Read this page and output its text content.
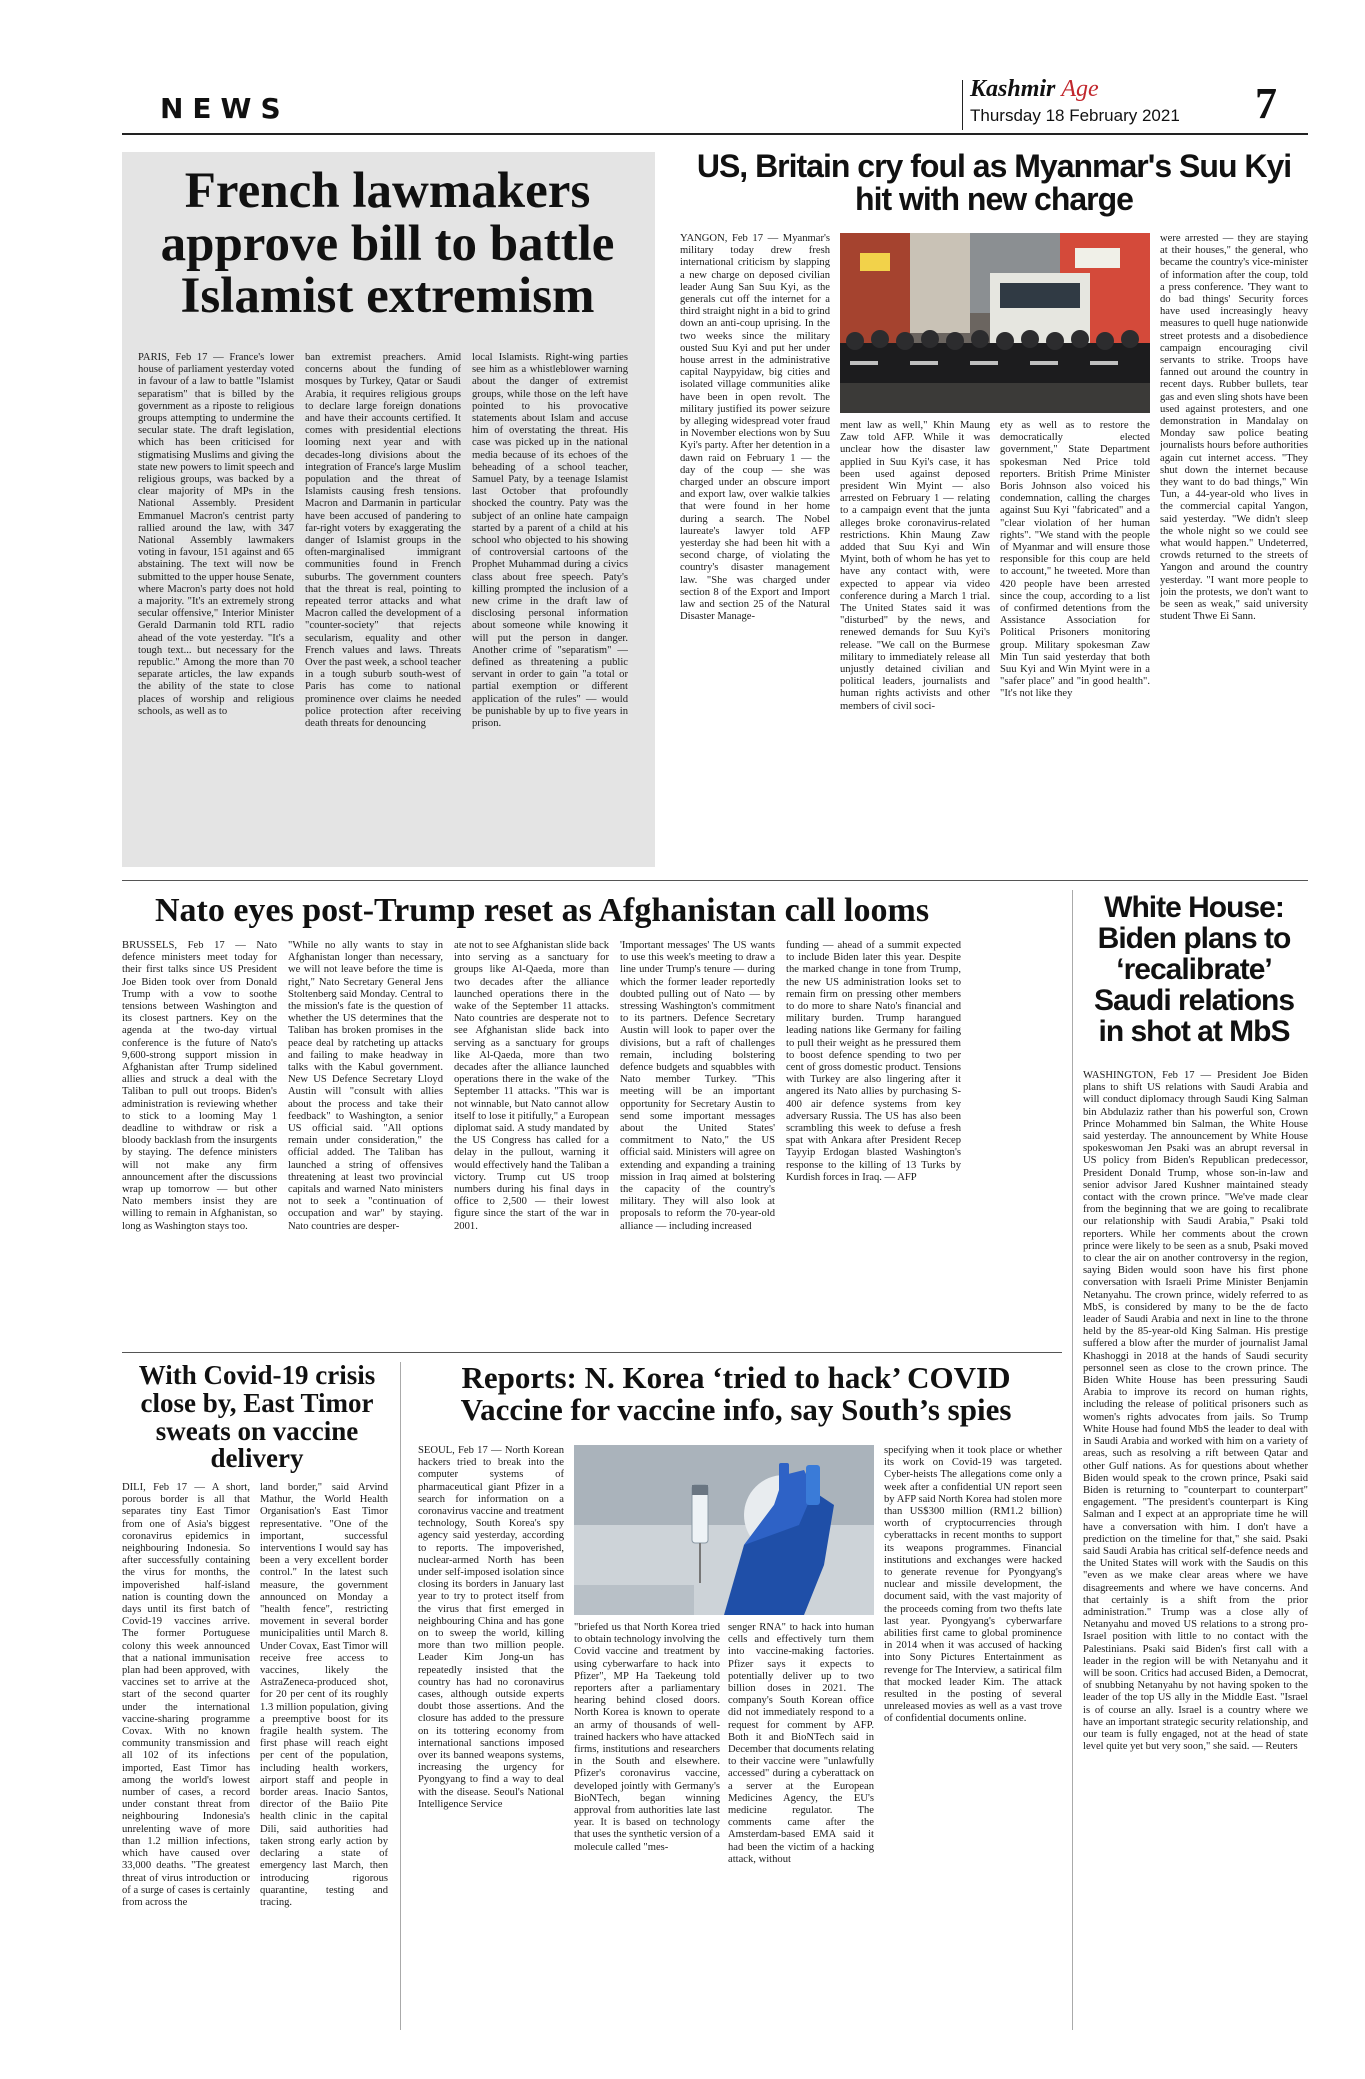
NEWS
Kashmir Age
Thursday 18 February 2021 7
French lawmakers approve bill to battle Islamist extremism
PARIS, Feb 17 — France's lower house of parliament yesterday voted in favour of a law to battle "Islamist separatism" that is billed by the government as a riposte to religious groups attempting to undermine the secular state. The draft legislation, which has been criticised for stigmatising Muslims and giving the state new powers to limit speech and religious groups, was backed by a clear majority of MPs in the National Assembly. President Emmanuel Macron's centrist party rallied around the law, with 347 National Assembly lawmakers voting in favour, 151 against and 65 abstaining. The text will now be submitted to the upper house Senate, where Macron's party does not hold a majority. "It's an extremely strong secular offensive," Interior Minister Gerald Darmanin told RTL radio ahead of the vote yesterday. "It's a tough text... but necessary for the republic." Among the more than 70 separate articles, the law expands the ability of the state to close places of worship and religious schools, as well as to
ban extremist preachers. Amid concerns about the funding of mosques by Turkey, Qatar or Saudi Arabia, it requires religious groups to declare large foreign donations and have their accounts certified. It comes with presidential elections looming next year and with decades-long divisions about the integration of France's large Muslim population and the threat of Islamists causing fresh tensions. Macron and Darmanin in particular have been accused of pandering to far-right voters by exaggerating the danger of Islamist groups in the often-marginalised immigrant communities found in French suburbs. The government counters that the threat is real, pointing to repeated terror attacks and what Macron called the development of a "counter-society" that rejects secularism, equality and other French values and laws. Threats Over the past week, a school teacher in a tough suburb south-west of Paris has come to national prominence over claims he needed police protection after receiving death threats for denouncing
local Islamists. Right-wing parties see him as a whistleblower warning about the danger of extremist groups, while those on the left have pointed to his provocative statements about Islam and accuse him of overstating the threat. His case was picked up in the national media because of its echoes of the beheading of a school teacher, Samuel Paty, by a teenage Islamist last October that profoundly shocked the country. Paty was the subject of an online hate campaign started by a parent of a child at his school who objected to his showing of controversial cartoons of the Prophet Muhammad during a civics class about free speech. Paty's killing prompted the inclusion of a new crime in the draft law of disclosing personal information about someone while knowing it will put the person in danger. Another crime of "separatism" — defined as threatening a public servant in order to gain "a total or partial exemption or different application of the rules" — would be punishable by up to five years in prison.
US, Britain cry foul as Myanmar's Suu Kyi hit with new charge
YANGON, Feb 17 — Myanmar's military today drew fresh international criticism by slapping a new charge on deposed civilian leader Aung San Suu Kyi, as the generals cut off the internet for a third straight night in a bid to grind down an anti-coup uprising. In the two weeks since the military ousted Suu Kyi and put her under house arrest in the administrative capital Naypyidaw, big cities and isolated village communities alike have been in open revolt. The military justified its power seizure by alleging widespread voter fraud in November elections won by Suu Kyi's party. After her detention in a dawn raid on February 1 — the day of the coup — she was charged under an obscure import and export law, over walkie talkies that were found in her home during a search. The Nobel laureate's lawyer told AFP yesterday she had been hit with a second charge, of violating the country's disaster management law. "She was charged under section 8 of the Export and Import law and section 25 of the Natural Disaster Manage-
ment law as well," Khin Maung Zaw told AFP. While it was unclear how the disaster law applied in Suu Kyi's case, it has been used against deposed president Win Myint — also arrested on February 1 — relating to a campaign event that the junta alleges broke coronavirus-related restrictions. Khin Maung Zaw added that Suu Kyi and Win Myint, both of whom he has yet to have any contact with, were expected to appear via video conference during a March 1 trial. The United States said it was "disturbed" by the news, and renewed demands for Suu Kyi's release. "We call on the Burmese military to immediately release all unjustly detained civilian and political leaders, journalists and human rights activists and other members of civil soci-
ety as well as to restore the democratically elected government," State Department spokesman Ned Price told reporters. British Prime Minister Boris Johnson also voiced his condemnation, calling the charges against Suu Kyi "fabricated" and a "clear violation of her human rights". "We stand with the people of Myanmar and will ensure those responsible for this coup are held to account," he tweeted. More than 420 people have been arrested since the coup, according to a list of confirmed detentions from the Assistance Association for Political Prisoners monitoring group. Military spokesman Zaw Min Tun said yesterday that both Suu Kyi and Win Myint were in a "safer place" and "in good health". "It's not like they
were arrested — they are staying at their houses," the general, who became the country's vice-minister of information after the coup, told a press conference. 'They want to do bad things' Security forces have used increasingly heavy measures to quell huge nationwide street protests and a disobedience campaign encouraging civil servants to strike. Troops have fanned out around the country in recent days. Rubber bullets, tear gas and even sling shots have been used against protesters, and one demonstration in Mandalay on Monday saw police beating journalists hours before authorities again cut internet access. "They shut down the internet because they want to do bad things," Win Tun, a 44-year-old who lives in the commercial capital Yangon, said yesterday. "We didn't sleep the whole night so we could see what would happen." Undeterred, crowds returned to the streets of Yangon and around the country yesterday. "I want more people to join the protests, we don't want to be seen as weak," said university student Thwe Ei Sann.
Nato eyes post-Trump reset as Afghanistan call looms
BRUSSELS, Feb 17 — Nato defence ministers meet today for their first talks since US President Joe Biden took over from Donald Trump with a vow to soothe tensions between Washington and its closest partners. Key on the agenda at the two-day virtual conference is the future of Nato's 9,600-strong support mission in Afghanistan after Trump sidelined allies and struck a deal with the Taliban to pull out troops. Biden's administration is reviewing whether to stick to a looming May 1 deadline to withdraw or risk a bloody backlash from the insurgents by staying. The defence ministers will not make any firm announcement after the discussions wrap up tomorrow — but other Nato members insist they are willing to remain in Afghanistan, so long as Washington stays too.
"While no ally wants to stay in Afghanistan longer than necessary, we will not leave before the time is right," Nato Secretary General Jens Stoltenberg said Monday. Central to the mission's fate is the question of whether the US determines that the Taliban has broken promises in the peace deal by ratcheting up attacks and failing to make headway in talks with the Kabul government. New US Defence Secretary Lloyd Austin will "consult with allies about the process and take their feedback" to Washington, a senior US official said. "All options remain under consideration," the official added. The Taliban has launched a string of offensives threatening at least two provincial capitals and warned Nato ministers not to seek a "continuation of occupation and war" by staying. Nato countries are desper-
ate not to see Afghanistan slide back into serving as a sanctuary for groups like Al-Qaeda, more than two decades after the alliance launched operations there in the wake of the September 11 attacks. Nato countries are desperate not to see Afghanistan slide back into serving as a sanctuary for groups like Al-Qaeda, more than two decades after the alliance launched operations there in the wake of the September 11 attacks. "This war is not winnable, but Nato cannot allow itself to lose it pitifully," a European diplomat said. A study mandated by the US Congress has called for a delay in the pullout, warning it would effectively hand the Taliban a victory. Trump cut US troop numbers during his final days in office to 2,500 — their lowest figure since the start of the war in 2001.
'Important messages' The US wants to use this week's meeting to draw a line under Trump's tenure — during which the former leader reportedly doubted pulling out of Nato — by stressing Washington's commitment to its partners. Defence Secretary Austin will look to paper over the divisions, but a raft of challenges remain, including bolstering defence budgets and squabbles with Nato member Turkey. "This meeting will be an important opportunity for Secretary Austin to send some important messages about the United States' commitment to Nato," the US official said. Ministers will agree on extending and expanding a training mission in Iraq aimed at bolstering the capacity of the country's military. They will also look at proposals to reform the 70-year-old alliance — including increased
funding — ahead of a summit expected to include Biden later this year. Despite the marked change in tone from Trump, the new US administration looks set to remain firm on pressing other members to do more to share Nato's financial and military burden. Trump harangued leading nations like Germany for failing to pull their weight as he pressured them to boost defence spending to two per cent of gross domestic product. Tensions with Turkey are also lingering after it angered its Nato allies by purchasing S-400 air defence systems from key adversary Russia. The US has also been scrambling this week to defuse a fresh spat with Ankara after President Recep Tayyip Erdogan blasted Washington's response to the killing of 13 Turks by Kurdish forces in Iraq. — AFP
White House: Biden plans to ‘recalibrate’ Saudi relations in shot at MbS
WASHINGTON, Feb 17 — President Joe Biden plans to shift US relations with Saudi Arabia and will conduct diplomacy through Saudi King Salman bin Abdulaziz rather than his powerful son, Crown Prince Mohammed bin Salman, the White House said yesterday. The announcement by White House spokeswoman Jen Psaki was an abrupt reversal in US policy from Biden's Republican predecessor, President Donald Trump, whose son-in-law and senior advisor Jared Kushner maintained steady contact with the crown prince. "We've made clear from the beginning that we are going to recalibrate our relationship with Saudi Arabia," Psaki told reporters. While her comments about the crown prince were likely to be seen as a snub, Psaki moved to clear the air on another controversy in the region, saying Biden would soon have his first phone conversation with Israeli Prime Minister Benjamin Netanyahu. The crown prince, widely referred to as MbS, is considered by many to be the de facto leader of Saudi Arabia and next in line to the throne held by the 85-year-old King Salman. His prestige suffered a blow after the murder of journalist Jamal Khashoggi in 2018 at the hands of Saudi security personnel seen as close to the crown prince. The Biden White House has been pressuring Saudi Arabia to improve its record on human rights, including the release of political prisoners such as women's rights advocates from jails. So Trump White House had found MbS the leader to deal with in Saudi Arabia and worked with him on a variety of areas, such as resolving a rift between Qatar and other Gulf nations. As for questions about whether Biden would speak to the crown prince, Psaki said Biden is returning to "counterpart to counterpart" engagement. "The president's counterpart is King Salman and I expect at an appropriate time he will have a conversation with him. I don't have a prediction on the timeline for that," she said. Psaki said Saudi Arabia has critical self-defence needs and the United States will work with the Saudis on this "even as we make clear areas where we have disagreements and where we have concerns. And that certainly is a shift from the prior administration." Trump was a close ally of Netanyahu and moved US relations to a strong pro-Israel position with little to no contact with the Palestinians. Psaki said Biden's first call with a leader in the region will be with Netanyahu and it will be soon. Critics had accused Biden, a Democrat, of snubbing Netanyahu by not having spoken to the leader of the top US ally in the Middle East. "Israel is of course an ally. Israel is a country where we have an important strategic security relationship, and our team is fully engaged, not at the head of state level quite yet but very soon," she said. — Reuters
With Covid-19 crisis close by, East Timor sweats on vaccine delivery
DILI, Feb 17 — A short, porous border is all that separates tiny East Timor from one of Asia's biggest coronavirus epidemics in neighbouring Indonesia. So after successfully containing the virus for months, the impoverished half-island nation is counting down the days until its first batch of Covid-19 vaccines arrive. The former Portuguese colony this week announced that a national immunisation plan had been approved, with vaccines set to arrive at the start of the second quarter under the international vaccine-sharing programme Covax. With no known community transmission and all 102 of its infections imported, East Timor has among the world's lowest number of cases, a record under constant threat from neighbouring Indonesia's unrelenting wave of more than 1.2 million infections, which have caused over 33,000 deaths. "The greatest threat of virus introduction or of a surge of cases is certainly from across the
land border," said Arvind Mathur, the World Health Organisation's East Timor representative. "One of the important, successful interventions I would say has been a very excellent border control." In the latest such measure, the government announced on Monday a "health fence", restricting movement in several border municipalities until March 8. Under Covax, East Timor will receive free access to vaccines, likely the AstraZeneca-produced shot, for 20 per cent of its roughly 1.3 million population, giving a preemptive boost for its fragile health system. The first phase will reach eight per cent of the population, including health workers, airport staff and people in border areas. Inacio Santos, director of the Baiio Pite health clinic in the capital Dili, said authorities had taken strong early action by declaring a state of emergency last March, then introducing rigorous quarantine, testing and tracing.
Reports: N. Korea ‘tried to hack’ COVID Vaccine for vaccine info, say South’s spies
SEOUL, Feb 17 — North Korean hackers tried to break into the computer systems of pharmaceutical giant Pfizer in a search for information on a coronavirus vaccine and treatment technology, South Korea's spy agency said yesterday, according to reports. The impoverished, nuclear-armed North has been under self-imposed isolation since closing its borders in January last year to try to protect itself from the virus that first emerged in neighbouring China and has gone on to sweep the world, killing more than two million people. Leader Kim Jong-un has repeatedly insisted that the country has had no coronavirus cases, although outside experts doubt those assertions. And the closure has added to the pressure on its tottering economy from international sanctions imposed over its banned weapons systems, increasing the urgency for Pyongyang to find a way to deal with the disease. Seoul's National Intelligence Service
"briefed us that North Korea tried to obtain technology involving the Covid vaccine and treatment by using cyberwarfare to hack into Pfizer", MP Ha Taekeung told reporters after a parliamentary hearing behind closed doors. North Korea is known to operate an army of thousands of well-trained hackers who have attacked firms, institutions and researchers in the South and elsewhere. Pfizer's coronavirus vaccine, developed jointly with Germany's BioNTech, began winning approval from authorities late last year. It is based on technology that uses the synthetic version of a molecule called "mes-
senger RNA" to hack into human cells and effectively turn them into vaccine-making factories. Pfizer says it expects to potentially deliver up to two billion doses in 2021. The company's South Korean office did not immediately respond to a request for comment by AFP. Both it and BioNTech said in December that documents relating to their vaccine were "unlawfully accessed" during a cyberattack on a server at the European Medicines Agency, the EU's medicine regulator. The comments came after the Amsterdam-based EMA said it had been the victim of a hacking attack, without
specifying when it took place or whether its work on Covid-19 was targeted. Cyber-heists The allegations come only a week after a confidential UN report seen by AFP said North Korea had stolen more than US$300 million (RM1.2 billion) worth of cryptocurrencies through cyberattacks in recent months to support its weapons programmes. Financial institutions and exchanges were hacked to generate revenue for Pyongyang's nuclear and missile development, the document said, with the vast majority of the proceeds coming from two thefts late last year. Pyongyang's cyberwarfare abilities first came to global prominence in 2014 when it was accused of hacking into Sony Pictures Entertainment as revenge for The Interview, a satirical film that mocked leader Kim. The attack resulted in the posting of several unreleased movies as well as a vast trove of confidential documents online.
